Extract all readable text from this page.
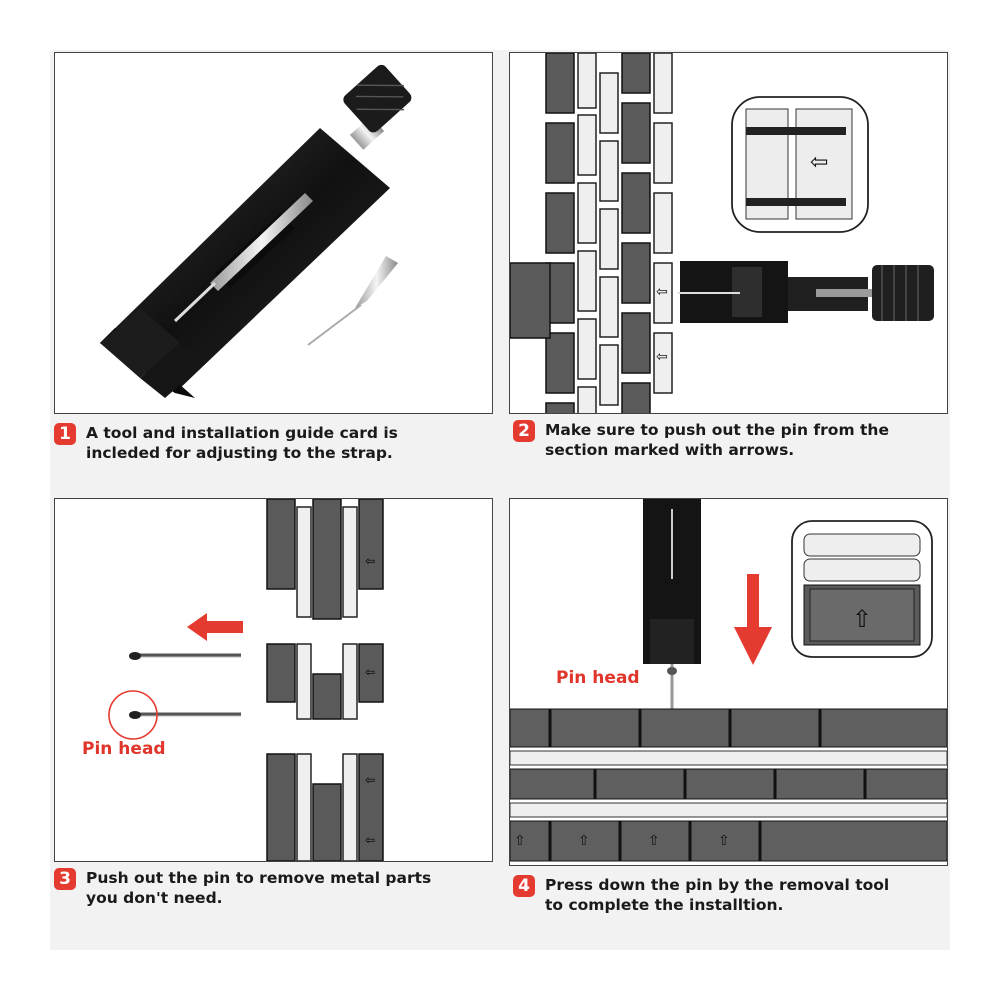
⇦
⇦
⇦
1 A tool and installation guide card is
incleded for adjusting to the strap.
2 Make sure to push out the pin from the
section marked with arrows.
⇦
⇦
⇦
⇦
Pin head
⇧
⇧	⇧	⇧	⇧
Pin head
3 Push out the pin to remove metal parts
you don't need.
4 Press down the pin by the removal tool
to complete the installtion.
